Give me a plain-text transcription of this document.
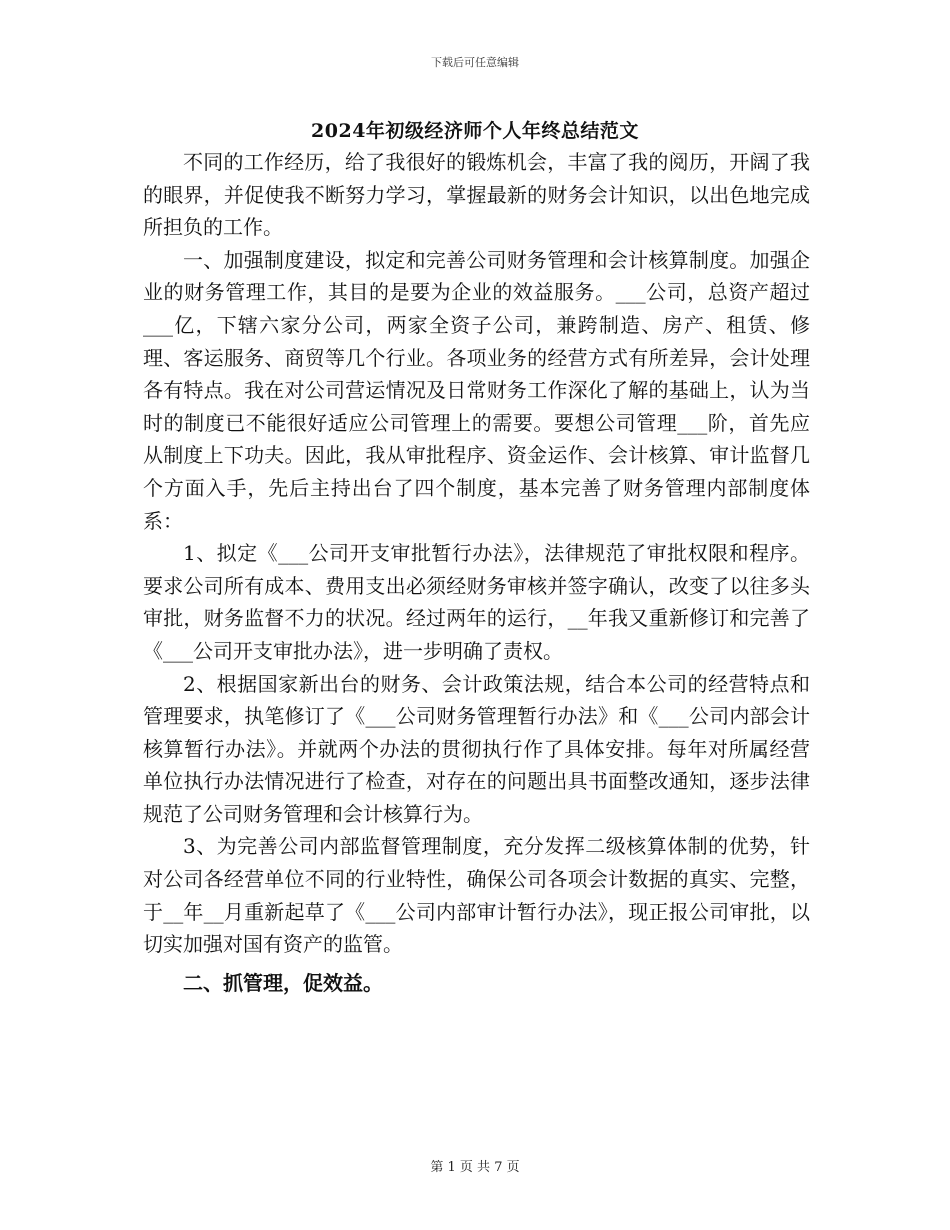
下载后可任意编辑
2024年初级经济师个人年终总结范文

不同的工作经历，给了我很好的锻炼机会，丰富了我的阅历，开阔了我的眼界，并促使我不断努力学习，掌握最新的财务会计知识，以出色地完成所担负的工作。

一、加强制度建设，拟定和完善公司财务管理和会计核算制度。加强企业的财务管理工作，其目的是要为企业的效益服务。___公司，总资产超过___亿，下辖六家分公司，两家全资子公司，兼跨制造、房产、租赁、修理、客运服务、商贸等几个行业。各项业务的经营方式有所差异，会计处理各有特点。我在对公司营运情况及日常财务工作深化了解的基础上，认为当时的制度已不能很好适应公司管理上的需要。要想公司管理___阶，首先应从制度上下功夫。因此，我从审批程序、资金运作、会计核算、审计监督几个方面入手，先后主持出台了四个制度，基本完善了财务管理内部制度体系：

1、拟定《___公司开支审批暂行办法》，法律规范了审批权限和程序。要求公司所有成本、费用支出必须经财务审核并签字确认，改变了以往多头审批，财务监督不力的状况。经过两年的运行，__年我又重新修订和完善了《___公司开支审批办法》，进一步明确了责权。

2、根据国家新出台的财务、会计政策法规，结合本公司的经营特点和管理要求，执笔修订了《___公司财务管理暂行办法》和《___公司内部会计核算暂行办法》。并就两个办法的贯彻执行作了具体安排。每年对所属经营单位执行办法情况进行了检查，对存在的问题出具书面整改通知，逐步法律规范了公司财务管理和会计核算行为。

3、为完善公司内部监督管理制度，充分发挥二级核算体制的优势，针对公司各经营单位不同的行业特性，确保公司各项会计数据的真实、完整，于__年__月重新起草了《___公司内部审计暂行办法》，现正报公司审批，以切实加强对国有资产的监管。

二、抓管理，促效益。

第 1 页 共 7 页
